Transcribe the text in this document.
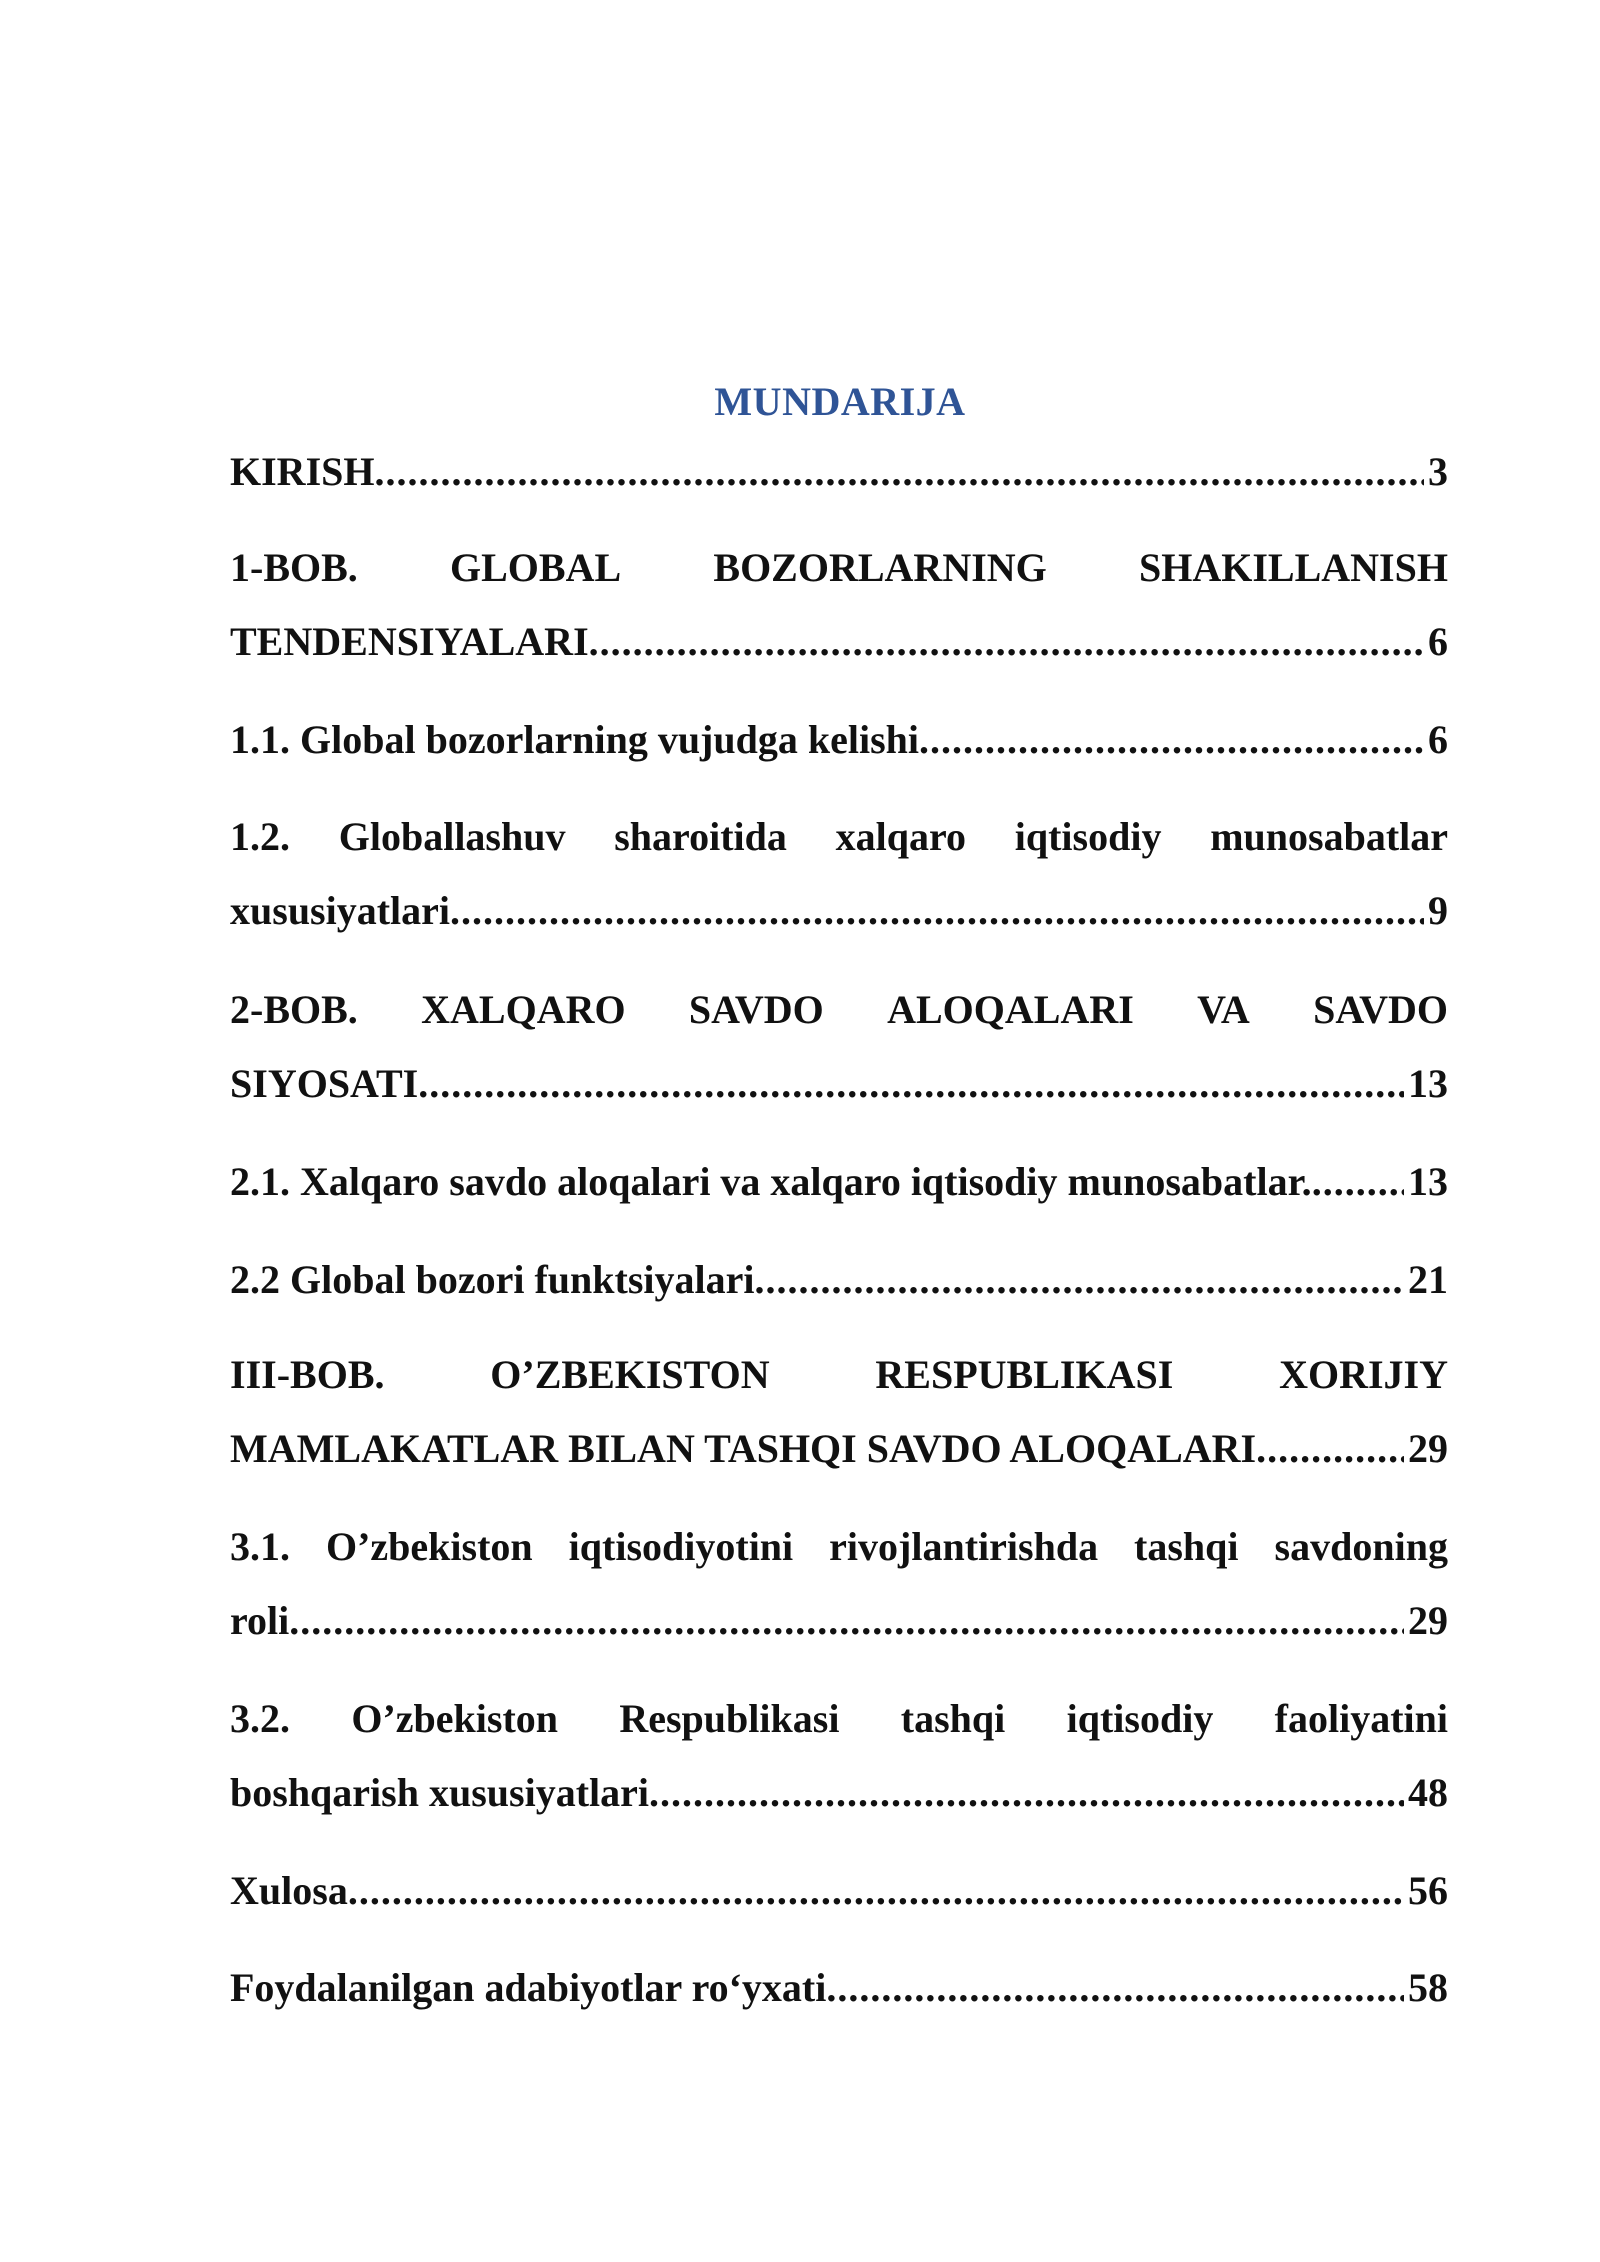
MUNDARIJA
KIRISH .....	3
1-BOB. GLOBAL BOZORLARNING SHAKILLANISH
TENDENSIYALARI .....	6
1.1. Global bozorlarning vujudga kelishi .....	6
1.2. Globallashuv sharoitida xalqaro iqtisodiy munosabatlar
xususiyatlari .....	9
2-BOB. XALQARO SAVDO ALOQALARI VA SAVDO
SIYOSATI .....	13
2.1. Xalqaro savdo aloqalari va xalqaro iqtisodiy munosabatlar. ..... 13
2.2 Global bozori funktsiyalari .....	21
III-BOB.	O’ZBEKISTON	RESPUBLIKASI	XORIJIY
MAMLAKATLAR BILAN TASHQI SAVDO ALOQALARI .....	29
3.1. O’zbekiston iqtisodiyotini rivojlantirishda tashqi savdoning
roli .....	29
3.2. O’zbekiston Respublikasi tashqi iqtisodiy faoliyatini
boshqarish xususiyatlari .....	48
Xulosa .....	56
Foydalanilgan adabiyotlar ro‘yxati .....	58
